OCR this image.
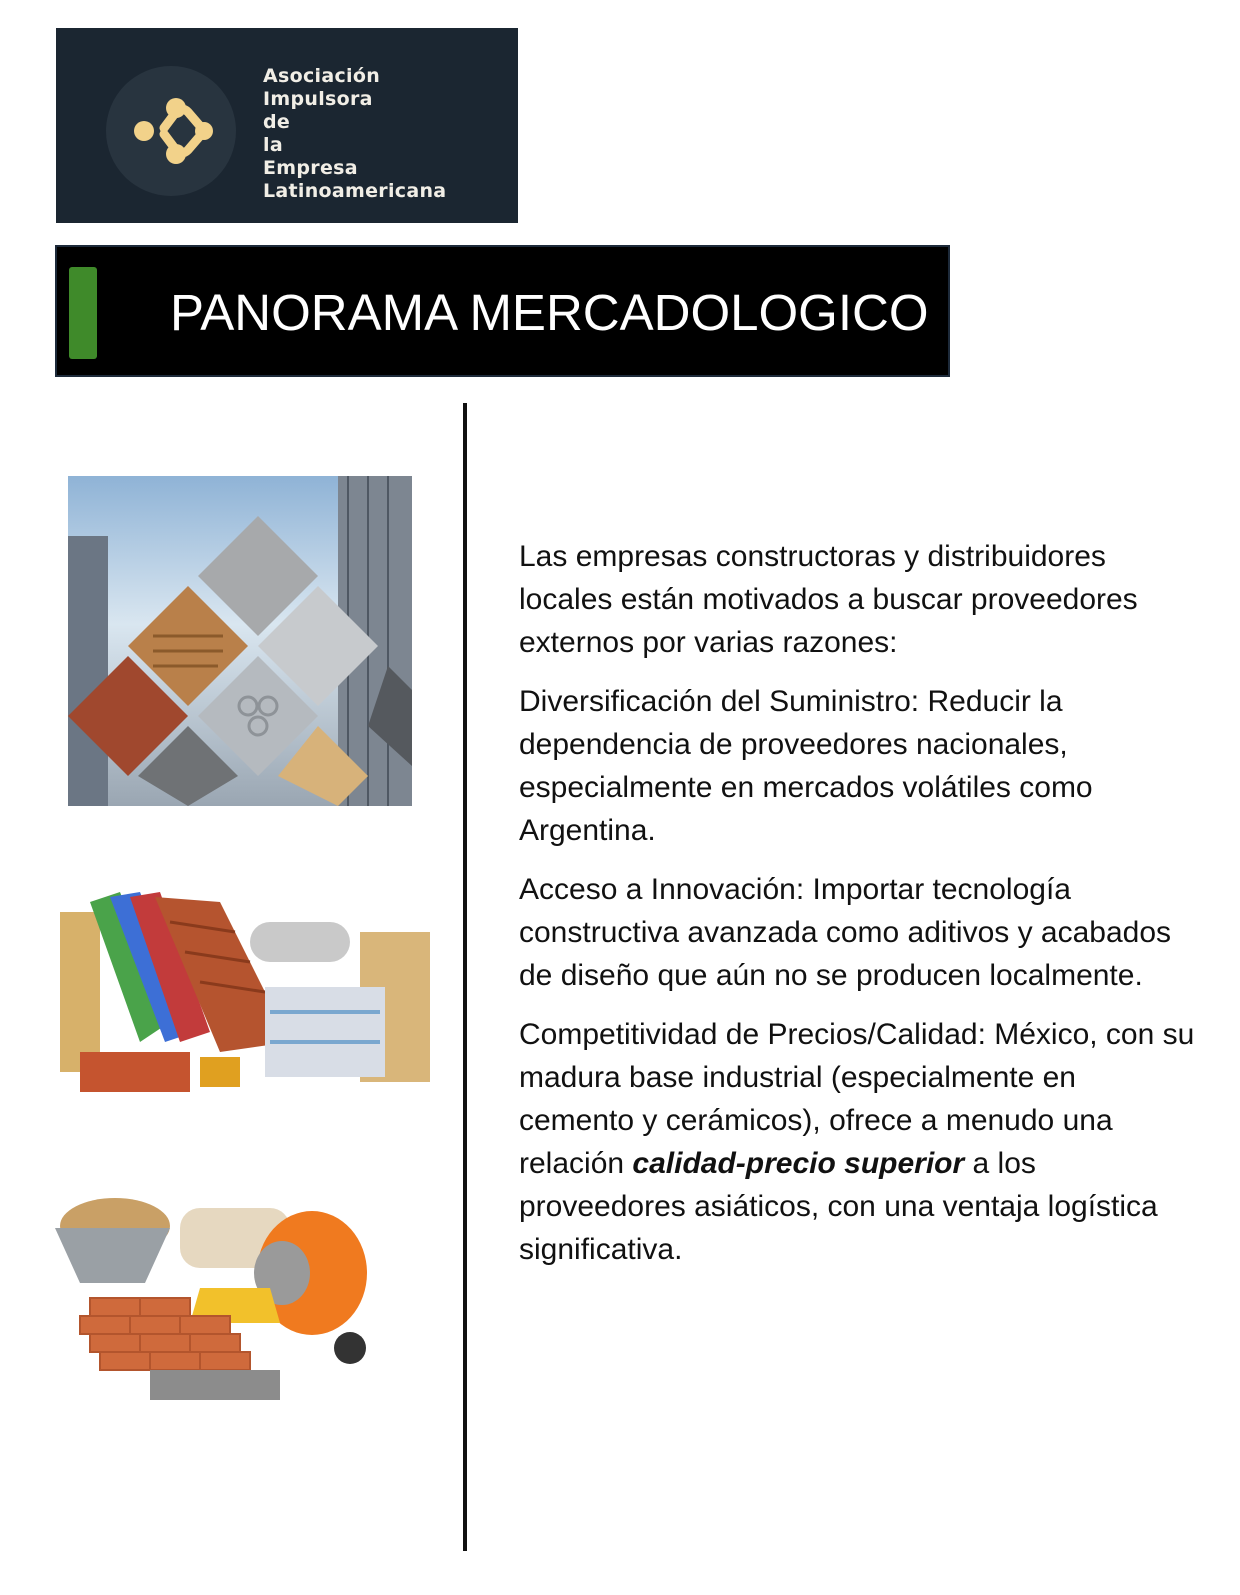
Asociación
Impulsora
de
la
Empresa
Latinoamericana
PANORAMA MERCADOLOGICO

Las empresas constructoras y distribuidores locales están motivados a buscar proveedores externos por varias razones:

Diversificación del Suministro: Reducir la dependencia de proveedores nacionales, especialmente en mercados volátiles como Argentina.

Acceso a Innovación: Importar tecnología constructiva avanzada como aditivos y acabados de diseño que aún no se producen localmente.

Competitividad de Precios/Calidad: México, con su madura base industrial (especialmente en cemento y cerámicos), ofrece a menudo una relación calidad-precio superior a los proveedores asiáticos, con una ventaja logística significativa.
